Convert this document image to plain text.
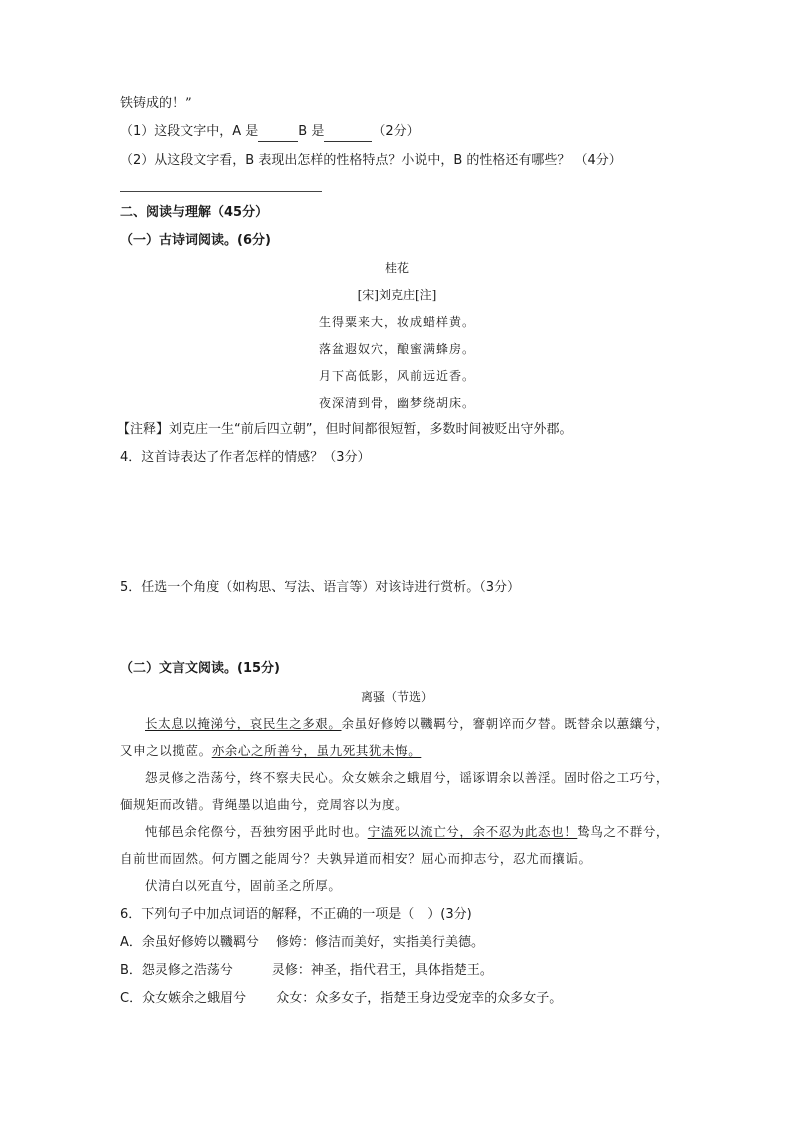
铁铸成的！”
（1）这段文字中，A 是	B 是	（2分）
（2）从这段文字看，B 表现出怎样的性格特点？小说中，B 的性格还有哪些？ （4分）
二、阅读与理解（45分）
（一）古诗词阅读。(6分)
桂花
[宋]刘克庄[注]
生得粟来大，妆成蜡样黄。
落盆遐奴穴，酿蜜满蜂房。
月下高低影，风前远近香。
夜深清到骨，幽梦绕胡床。
【注释】刘克庄一生“前后四立朝”，但时间都很短暂，多数时间被贬出守外郡。
4．这首诗表达了作者怎样的情感？（3分）
5．任选一个角度（如构思、写法、语言等）对该诗进行赏析。（3分）
（二）文言文阅读。(15分)
离骚（节选）

长太息以掩涕兮，哀民生之多艰。余虽好修姱以鞿羁兮，謇朝谇而夕替。既替余以蕙纕兮，又申之以揽茝。亦余心之所善兮，虽九死其犹未悔。

怨灵修之浩荡兮，终不察夫民心。众女嫉余之蛾眉兮，谣诼谓余以善淫。固时俗之工巧兮，偭规矩而改错。背绳墨以追曲兮，竞周容以为度。

忳郁邑余侘傺兮，吾独穷困乎此时也。宁溘死以流亡兮，余不忍为此态也！鸷鸟之不群兮，自前世而固然。何方圜之能周兮？夫孰异道而相安？屈心而抑志兮，忍尤而攘诟。

伏清白以死直兮，固前圣之所厚。

6．下列句子中加点词语的解释，不正确的一项是（　）(3分)
A．余虽好修姱以鞿羁兮　 修姱：修洁而美好，实指美行美德。
B．怨灵修之浩荡兮　　　灵修：神圣，指代君王，具体指楚王。
C．众女嫉余之蛾眉兮　　 众女：众多女子，指楚王身边受宠幸的众多女子。
